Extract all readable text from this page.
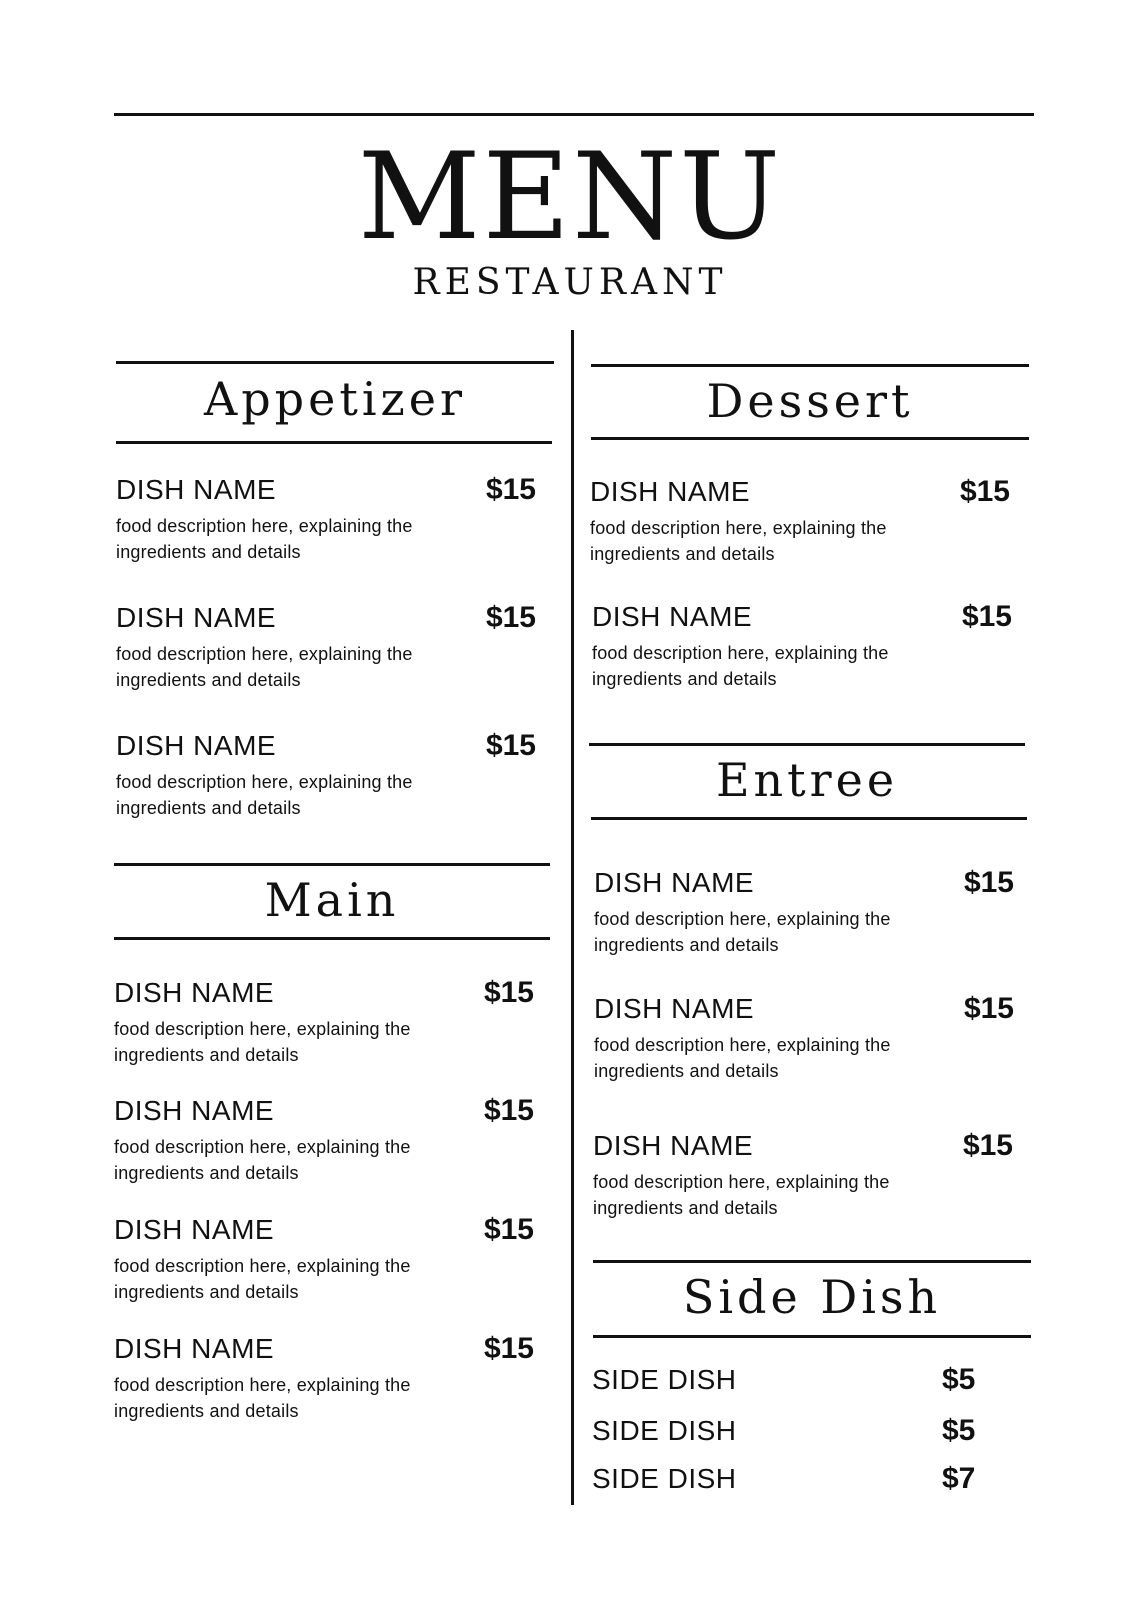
MENU
RESTAURANT
Appetizer
DISH NAME
food description here, explaining the ingredients and details
$15
DISH NAME
food description here, explaining the ingredients and details
$15
DISH NAME
food description here, explaining the ingredients and details
$15
Main
DISH NAME
food description here, explaining the ingredients and details
$15
DISH NAME
food description here, explaining the ingredients and details
$15
DISH NAME
food description here, explaining the ingredients and details
$15
DISH NAME
food description here, explaining the ingredients and details
$15
Dessert
DISH NAME
food description here, explaining the ingredients and details
$15
DISH NAME
food description here, explaining the ingredients and details
$15
Entree
DISH NAME
food description here, explaining the ingredients and details
$15
DISH NAME
food description here, explaining the ingredients and details
$15
DISH NAME
food description here, explaining the ingredients and details
$15
Side Dish
SIDE DISH	$5
SIDE DISH	$5
SIDE DISH	$7
